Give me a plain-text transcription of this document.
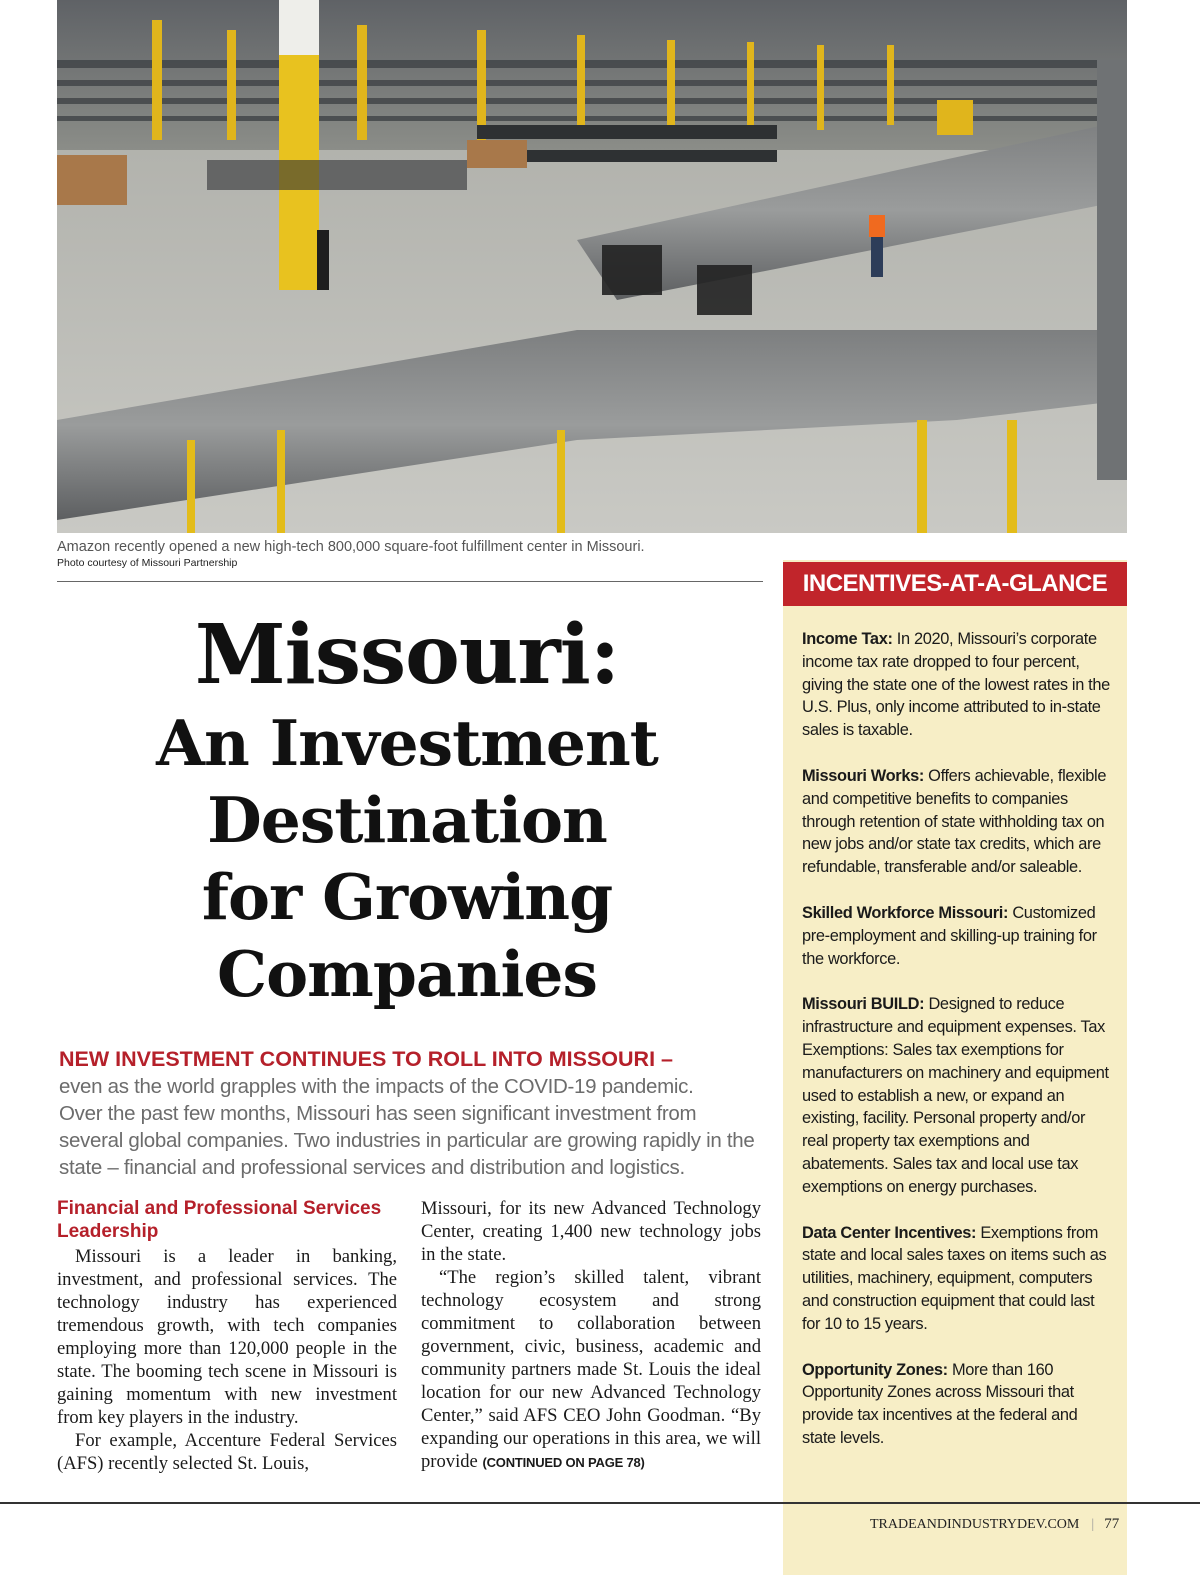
Amazon recently opened a new high-tech 800,000 square-foot fulfillment center in Missouri.
Photo courtesy of Missouri Partnership
Missouri:
An Investment
Destination
for Growing
Companies
NEW INVESTMENT CONTINUES TO ROLL INTO MISSOURI –
even as the world grapples with the impacts of the COVID-19 pandemic.
Over the past few months, Missouri has seen significant investment from several global companies. Two industries in particular are growing rapidly in the state – financial and professional services and distribution and logistics.
Financial and Professional Services Leadership

Missouri is a leader in banking, investment, and professional services. The technology industry has experienced tremendous growth, with tech companies employing more than 120,000 people in the state. The booming tech scene in Missouri is gaining momentum with new investment from key players in the industry.

For example, Accenture Federal Services (AFS) recently selected St. Louis,

Missouri, for its new Advanced Technology Center, creating 1,400 new technology jobs in the state.

“The region’s skilled talent, vibrant technology ecosystem and strong commitment to collaboration between government, civic, business, academic and community partners made St. Louis the ideal location for our new Advanced Technology Center,” said AFS CEO John Goodman. “By expanding our operations in this area, we will provide (CONTINUED ON PAGE 78)

INCENTIVES-AT-A-GLANCE
Income Tax: In 2020, Missouri’s corporate income tax rate dropped to four percent, giving the state one of the lowest rates in the U.S. Plus, only income attributed to in-state sales is taxable.
Missouri Works: Offers achievable, flexible and competitive benefits to companies through retention of state withholding tax on new jobs and/or state tax credits, which are refundable, transferable and/or saleable.
Skilled Workforce Missouri: Customized pre-employment and skilling-up training for the workforce.
Missouri BUILD: Designed to reduce infrastructure and equipment expenses. Tax Exemptions: Sales tax exemptions for manufacturers on machinery and equipment used to establish a new, or expand an existing, facility. Personal property and/or real property tax exemptions and abatements. Sales tax and local use tax exemptions on energy purchases.
Data Center Incentives: Exemptions from state and local sales taxes on items such as utilities, machinery, equipment, computers and construction equipment that could last for 10 to 15 years.
Opportunity Zones: More than 160 Opportunity Zones across Missouri that provide tax incentives at the federal and state levels.
TRADEANDINDUSTRYDEV.COM | 77
